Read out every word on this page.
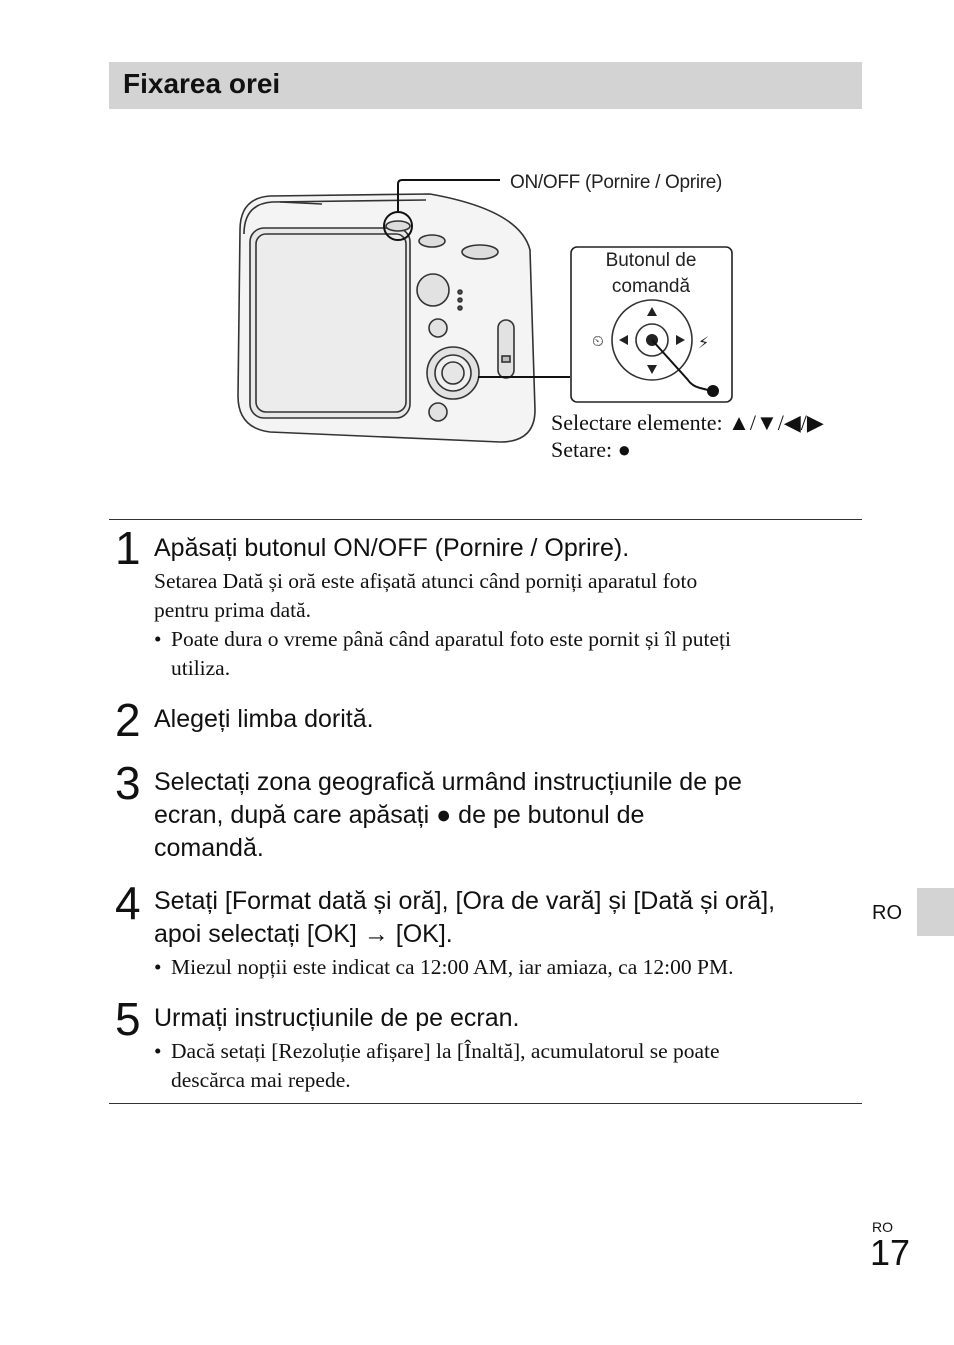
Fixarea orei
⏲	⚡
ON/OFF (Pornire / Oprire)
Butonul de
comandă
Selectare elemente: ▲/▼/◀/▶
Setare: ●
1 Apăsați butonul ON/OFF (Pornire / Oprire).
Setarea Dată și oră este afișată atunci când porniți aparatul foto
pentru prima dată.
• Poate dura o vreme până când aparatul foto este pornit și îl puteți
utiliza.
2 Alegeți limba dorită.
3 Selectați zona geografică urmând instrucțiunile de pe
ecran, după care apăsați ● de pe butonul de
comandă.
4 Setați [Format dată și oră], [Ora de vară] și [Dată și oră],
apoi selectați [OK] → [OK].
• Miezul nopții este indicat ca 12:00 AM, iar amiaza, ca 12:00 PM.
5 Urmați instrucțiunile de pe ecran.
• Dacă setați [Rezoluție afișare] la [Înaltă], acumulatorul se poate
descărca mai repede.
RO
RO
17
